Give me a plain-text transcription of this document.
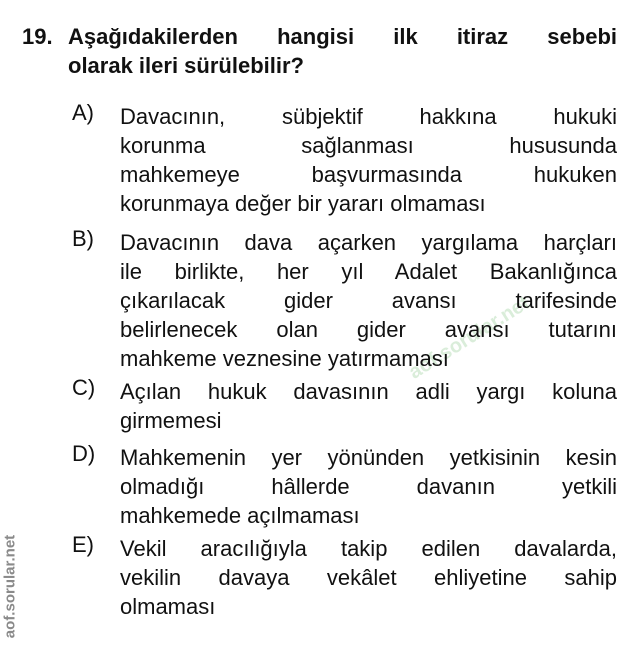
aof.sorular.net
aof.sorular.net
19. Aşağıdakilerden hangisi ilk itiraz sebebi
olarak ileri sürülebilir?
A) Davacının, sübjektif hakkına hukuki
korunma sağlanması hususunda
mahkemeye başvurmasında hukuken
korunmaya değer bir yararı olmaması
B) Davacının dava açarken yargılama harçları
ile birlikte, her yıl Adalet Bakanlığınca
çıkarılacak gider avansı tarifesinde
belirlenecek olan gider avansı tutarını
mahkeme veznesine yatırmaması
C) Açılan hukuk davasının adli yargı koluna
girmemesi
D) Mahkemenin yer yönünden yetkisinin kesin
olmadığı hâllerde davanın yetkili
mahkemede açılmaması
E) Vekil aracılığıyla takip edilen davalarda,
vekilin davaya vekâlet ehliyetine sahip
olmaması
